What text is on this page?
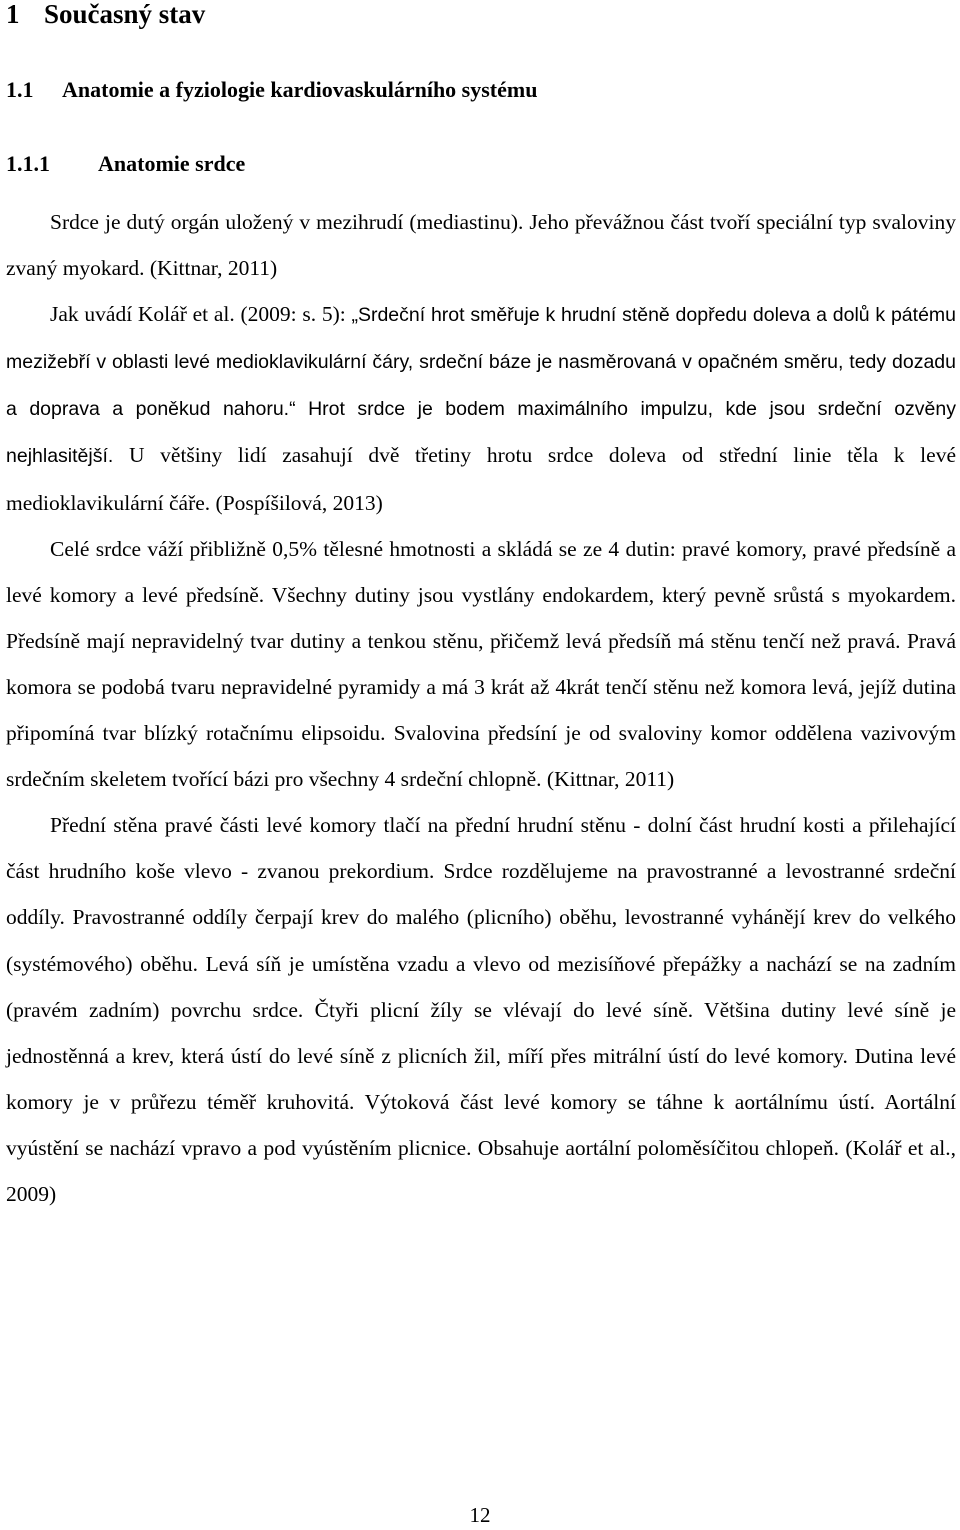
1 Současný stav
1.1 Anatomie a fyziologie kardiovaskulárního systému
1.1.1 Anatomie srdce

Srdce je dutý orgán uložený v mezihrudí (mediastinu). Jeho převážnou část tvoří speciální typ svaloviny zvaný myokard. (Kittnar, 2011)

Jak uvádí Kolář et al. (2009: s. 5): „Srdeční hrot směřuje k hrudní stěně dopředu doleva a dolů k pátému mezižebří v oblasti levé medioklavikulární čáry, srdeční báze je nasměrovaná v opačném směru, tedy dozadu a doprava a poněkud nahoru.“ Hrot srdce je bodem maximálního impulzu, kde jsou srdeční ozvěny nejhlasitější. U většiny lidí zasahují dvě třetiny hrotu srdce doleva od střední linie těla k levé medioklavikulární čáře. (Pospíšilová, 2013)

Celé srdce váží přibližně 0,5% tělesné hmotnosti a skládá se ze 4 dutin: pravé komory, pravé předsíně a levé komory a levé předsíně. Všechny dutiny jsou vystlány endokardem, který pevně srůstá s myokardem. Předsíně mají nepravidelný tvar dutiny a tenkou stěnu, přičemž levá předsíň má stěnu tenčí než pravá. Pravá komora se podobá tvaru nepravidelné pyramidy a má 3 krát až 4krát tenčí stěnu než komora levá, jejíž dutina připomíná tvar blízký rotačnímu elipsoidu. Svalovina předsíní je od svaloviny komor oddělena vazivovým srdečním skeletem tvořící bázi pro všechny 4 srdeční chlopně. (Kittnar, 2011)

Přední stěna pravé části levé komory tlačí na přední hrudní stěnu - dolní část hrudní kosti a přilehající část hrudního koše vlevo - zvanou prekordium. Srdce rozdělujeme na pravostranné a levostranné srdeční oddíly. Pravostranné oddíly čerpají krev do malého (plicního) oběhu, levostranné vyhánějí krev do velkého (systémového) oběhu. Levá síň je umístěna vzadu a vlevo od mezisíňové přepážky a nachází se na zadním (pravém zadním) povrchu srdce. Čtyři plicní žíly se vlévají do levé síně. Většina dutiny levé síně je jednostěnná a krev, která ústí do levé síně z plicních žil, míří přes mitrální ústí do levé komory. Dutina levé komory je v průřezu téměř kruhovitá. Výtoková část levé komory se táhne k aortálnímu ústí. Aortální vyústění se nachází vpravo a pod vyústěním plicnice. Obsahuje aortální poloměsíčitou chlopeň. (Kolář et al., 2009)

12
